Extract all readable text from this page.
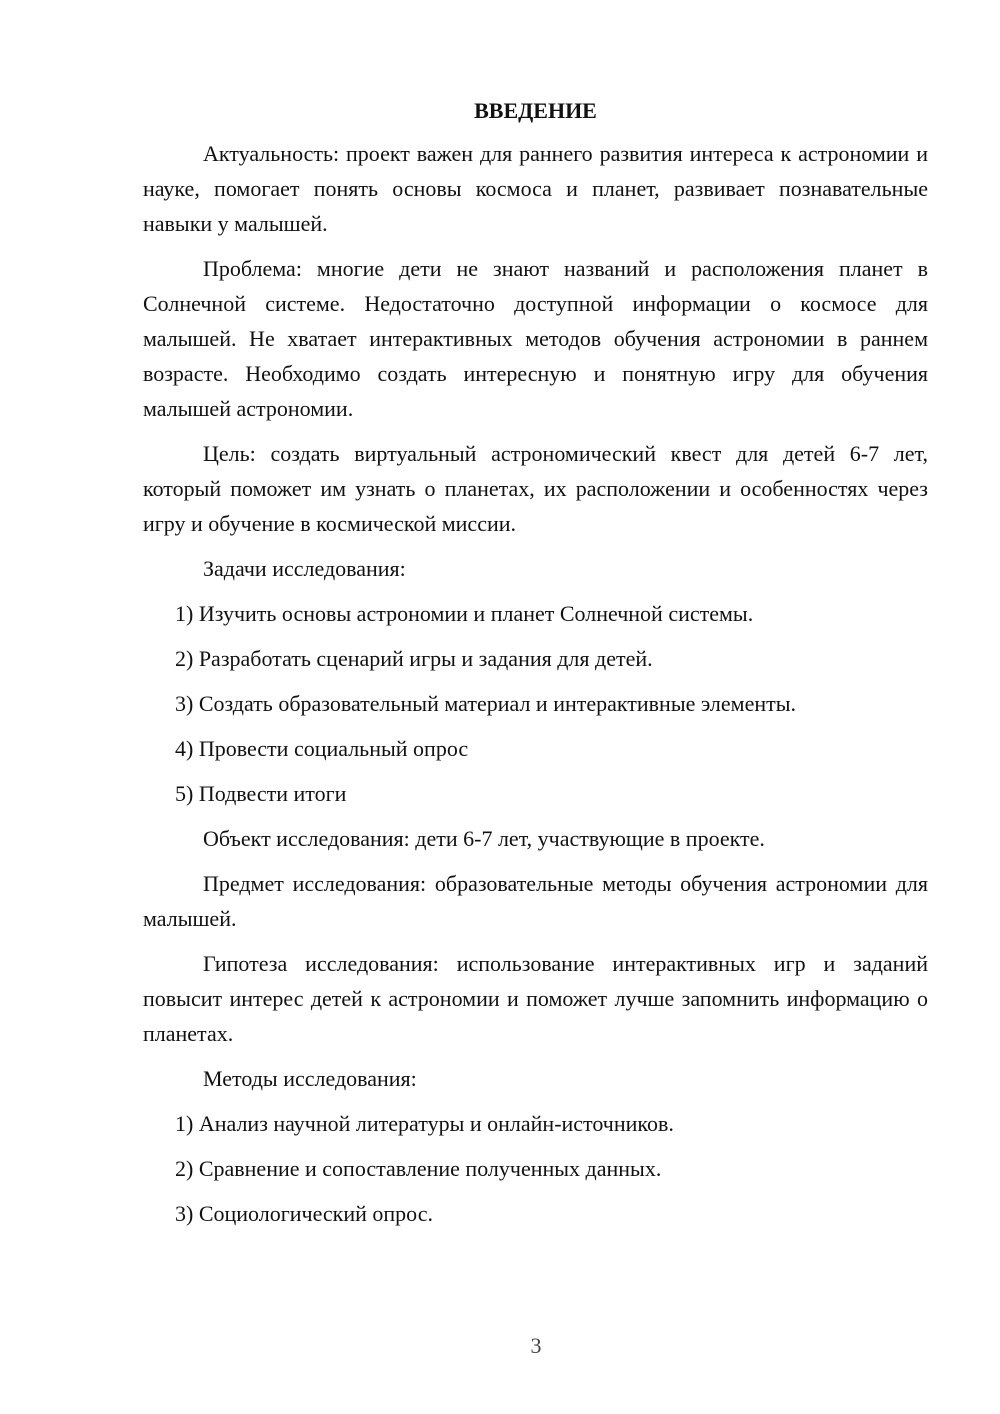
ВВЕДЕНИЕ

Актуальность: проект важен для раннего развития интереса к астрономии и науке, помогает понять основы космоса и планет, развивает познавательные навыки у малышей.

Проблема: многие дети не знают названий и расположения планет в Солнечной системе. Недостаточно доступной информации о космосе для малышей. Не хватает интерактивных методов обучения астрономии в раннем возрасте. Необходимо создать интересную и понятную игру для обучения малышей астрономии.

Цель: создать виртуальный астрономический квест для детей 6-7 лет, который поможет им узнать о планетах, их расположении и особенностях через игру и обучение в космической миссии.

Задачи исследования:

1) Изучить основы астрономии и планет Солнечной системы.

2) Разработать сценарий игры и задания для детей.

3) Создать образовательный материал и интерактивные элементы.

4) Провести социальный опрос

5) Подвести итоги

Объект исследования: дети 6-7 лет, участвующие в проекте.

Предмет исследования: образовательные методы обучения астрономии для малышей.

Гипотеза исследования: использование интерактивных игр и заданий повысит интерес детей к астрономии и поможет лучше запомнить информацию о планетах.

Методы исследования:

1) Анализ научной литературы и онлайн-источников.

2) Сравнение и сопоставление полученных данных.

3) Социологический опрос.

3
